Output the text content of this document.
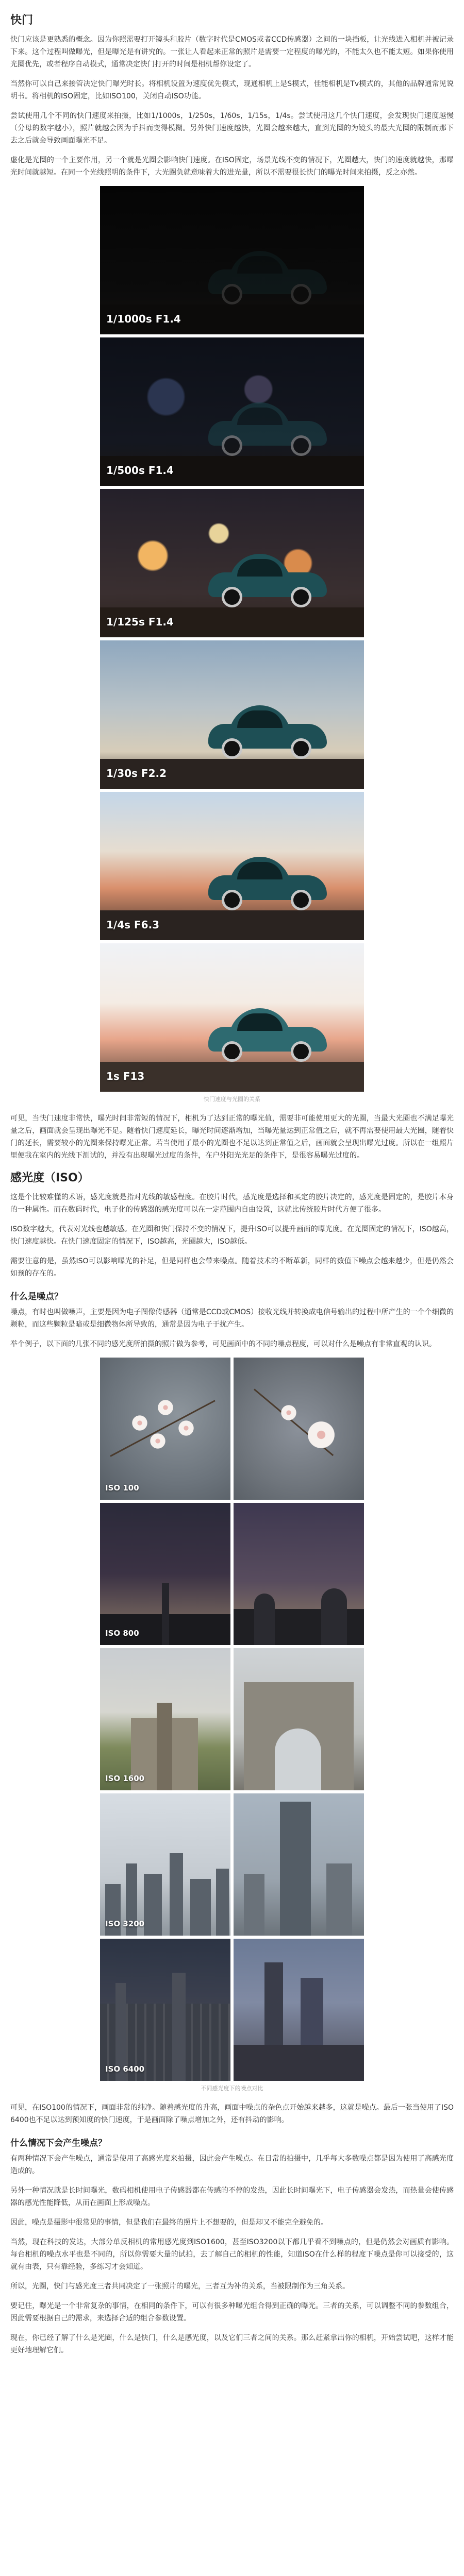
快门

快门应该是更熟悉的概念。因为你照需要打开镜头和胶片（数字时代是CMOS或者CCD传感器）之间的一块挡板，让光线进入相机并被记录下来。这个过程叫做曝光，但是曝光是有讲究的。一张让人看起来正常的照片是需要一定程度的曝光的，不能太久也不能太短。如果你使用光圈优先，或者程序自动模式，通常决定快门打开的时间是相机帮你设定了。

当然你可以自己来接管决定快门曝光时长。将相机设置为速度优先模式，现通相机上是S模式，佳能相机是Tv模式的，其他的品牌通常见说明书。将相机的ISO固定，比如ISO100，关闭自动ISO功能。

尝试使用几个不同的快门速度来拍摄，比如1/1000s，1/250s，1/60s，1/15s，1/4s。尝试使用这几个快门速度，会发现快门速度越慢（分母的数字越小），照片就越会因为手抖而变得模糊。另外快门速度越快，光圈会越来越大，直到光圈的为镜头的最大光圈的限制而那下去之后就会导致画面曝光不足。

虚化是光圈的一个主要作用，另一个就是光圈会影响快门速度。在ISO固定，场景光线不变的情况下，光圈越大，快门的速度就越快，那曝光时间就越短。在同一个光线照明的条件下，大光圈负就意味着大的进光量，所以不需要很长快门的曝光时间来拍摄，反之亦然。

1/1000s F1.4
1/500s F1.4
1/125s F1.4
1/30s F2.2
1/4s F6.3
1s F13
快门速度与光圈的关系

可见，当快门速度非常快，曝光时间非常短的情况下，相机为了达到正常的曝光值，需要非可能使用更大的光圈，当最大光圈也不满足曝光量之后，画面就会呈现出曝光不足。随着快门速度延长，曝光时间逐渐增加，当曝光量达到正常值之后，就不再需要使用最大光圈，随着快门的延长，需要较小的光圈来保持曝光正常。若当使用了最小的光圈也不足以达到正常值之后，画面就会呈现出曝光过度。所以在一组照片里便我在室内的光线下测试的，并没有出现曝光过度的条件，在户外阳光光足的条件下，是很容易曝光过度的。

感光度（ISO）

这是个比较难懂的术语，感光度就是指对光线的敏感程度。在胶片时代，感光度是选择和买定的胶片决定的，感光度是固定的，是胶片本身的一种属性。而在数码时代，电子化的传感器的感光度可以在一定范围内自由设置，这就比传统胶片时代方便了很多。

ISO数字越大，代表对光线也越敏感。在光圈和快门保持不变的情况下，提升ISO可以提升画面的曝光度。在光圈固定的情况下，ISO越高，快门速度越快。在快门速度固定的情况下，ISO越高，光圈越大，ISO越低。

需要注意的是，虽然ISO可以影响曝光的补足，但是同样也会带来噪点。随着技术的不断革新，同样的数值下噪点会越来越少，但是仍然会如预的存在的。

什么是噪点？

噪点，有时也叫做噪声，主要是因为电子图像传感器（通常是CCD或CMOS）接收光线并转换成电信号输出的过程中所产生的一个个细微的颗粒，而这些颗粒是暗或是细微物体所导致的，通常是因为电子于扰产生。

举个例子，以下面的几张不同的感光度所拍摄的照片做为参考，可见画面中的不同的噪点程度，可以对什么是噪点有非常直观的认识。

ISO 100
ISO 800
ISO 1600
ISO 3200
ISO 6400
不同感光度下的噪点对比

可见，在ISO100的情况下，画面非常的纯净。随着感光度的升高，画面中噪点的杂色点开始越来越多，这就是噪点。最后一张当使用了ISO 6400也不足以达到预知度的快门速度，于是画面除了噪点增加之外，还有抖动的影响。

什么情况下会产生噪点？

有两种情况下会产生噪点，通常是使用了高感光度来拍摄，因此会产生噪点。在日常的拍摄中，几乎每大多数噪点都是因为使用了高感光度造成的。

另外一种情况就是长时间曝光，数码相机使用电子传感器都在传感的不停的发热，因此长时间曝光下，电子传感器会发热，而热量会使传感器的感光性能降低，从而在画面上形成噪点。

因此，噪点是摄影中很常见的事情，但是我们在最终的照片上不想要的，但是却又不能完全避免的。

当然，现在科技的发达，大部分单反相机的常用感光度到ISO1600，甚至ISO3200以下都几乎看不到噪点的，但是仍然会对画质有影响。每台相机的噪点水平也是不同的，所以你需要大量的试拍，去了解自己的相机的性能，知道ISO在什么样的程度下噪点是你可以接受的，这就有由表，只有靠经验，多练习才会知道。

所以，光圈，快门与感光度三者共同决定了一张照片的曝光，三者互为补的关系，当被限制作为三角关系。

要记住，曝光是一个非常复杂的事情，在相同的条件下，可以有很多种曝光组合得到正确的曝光。三者的关系，可以调整不同的参数组合，因此需要根据自己的需求，来选择合适的组合参数设置。

现在，你已经了解了什么是光圈，什么是快门，什么是感光度，以及它们三者之间的关系。那么赶紧拿出你的相机，开始尝试吧，这样才能更好地理解它们。
